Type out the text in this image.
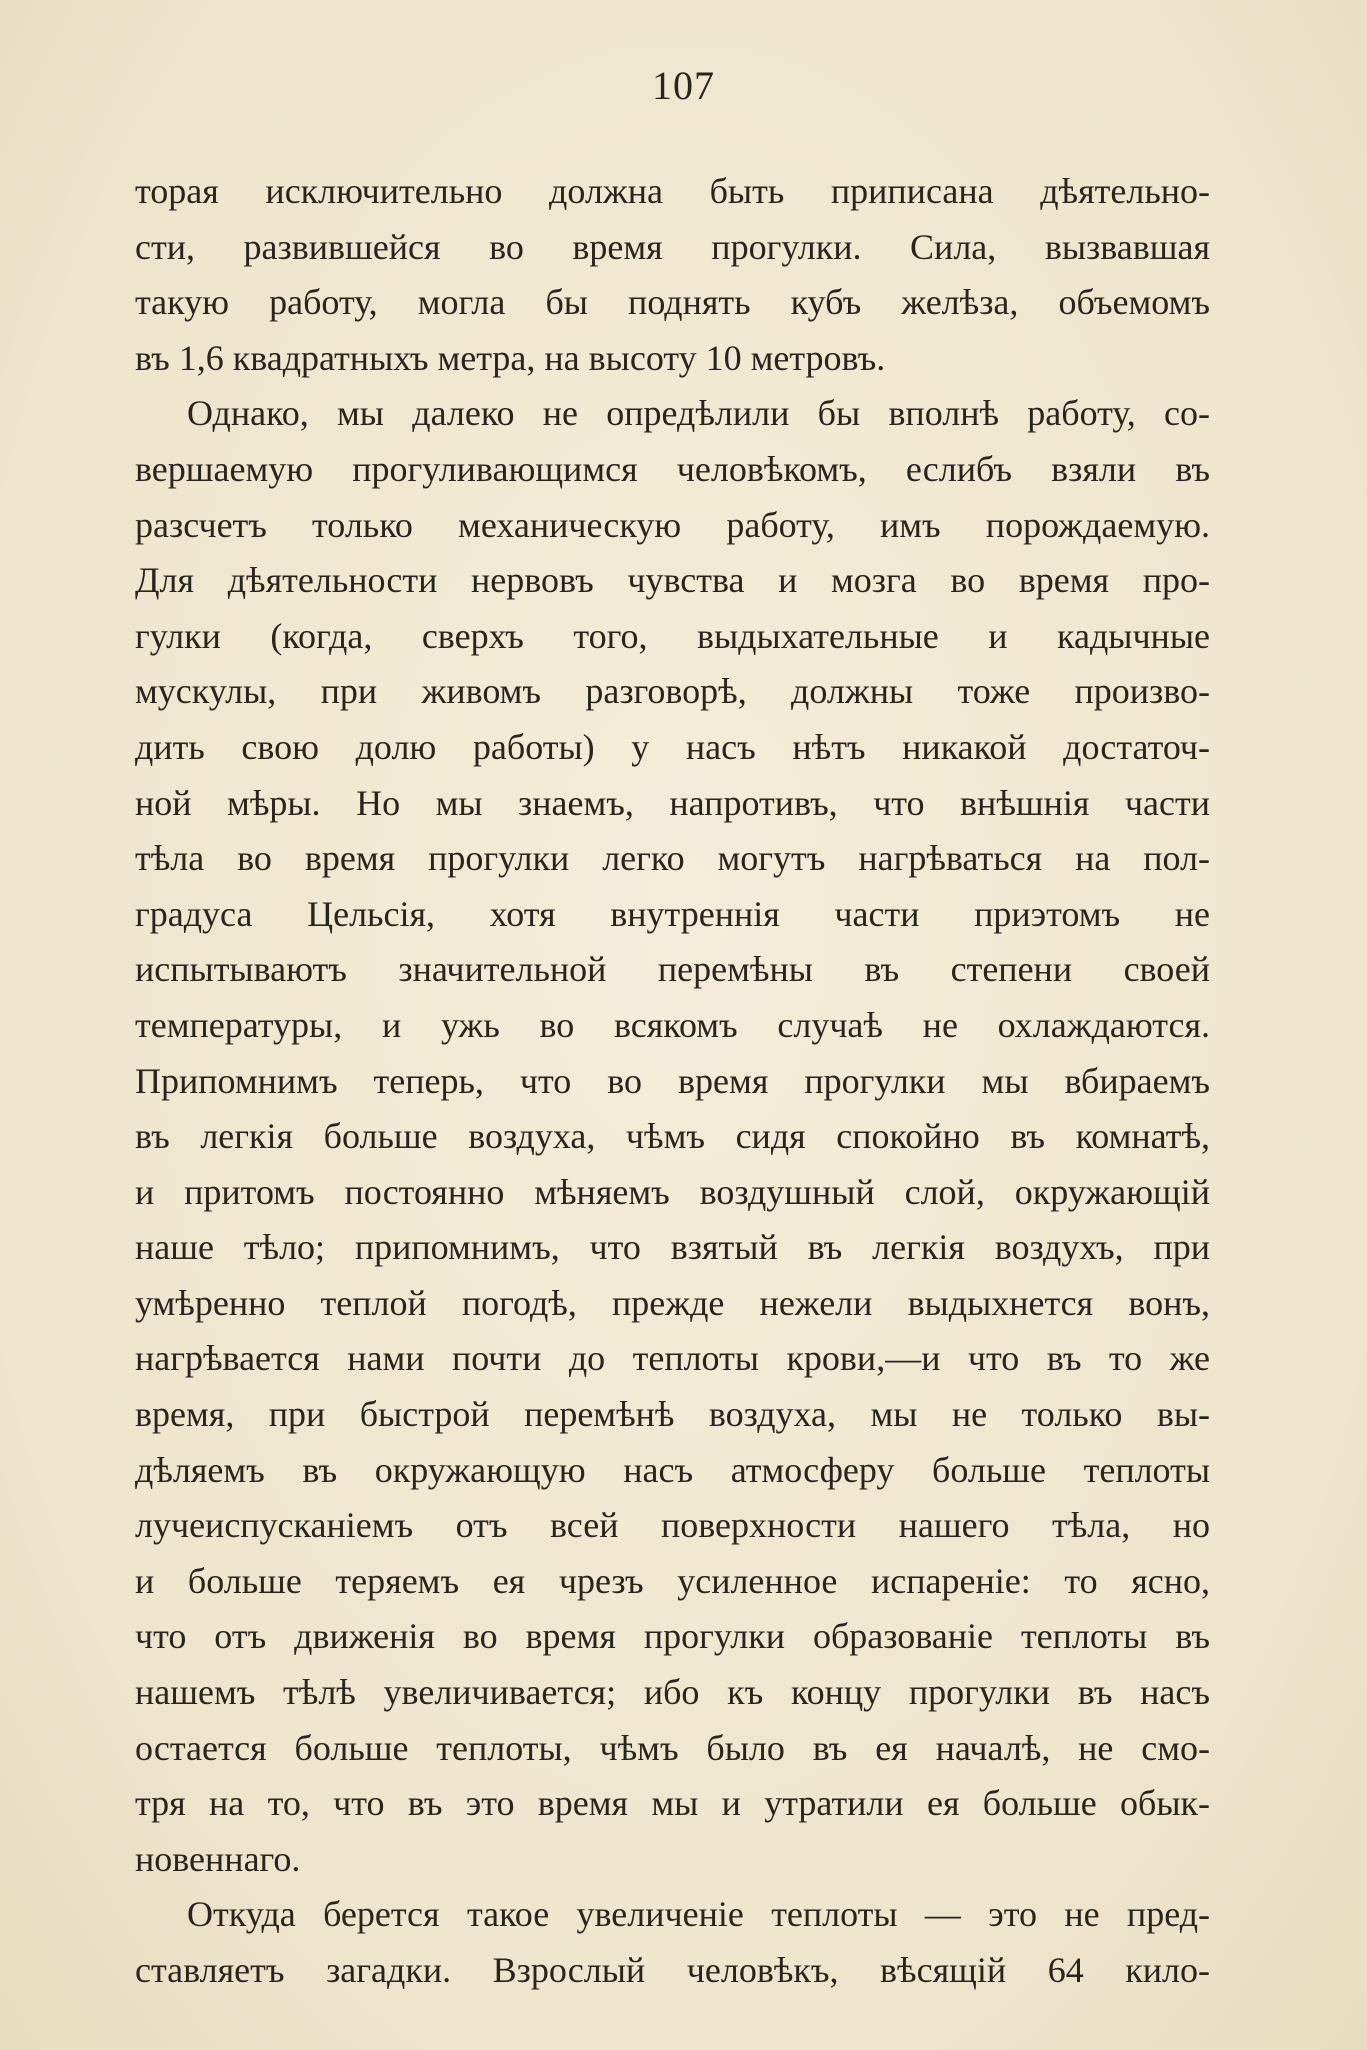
107
торая исключительно должна быть приписана дѣятельно-
сти, развившейся во время прогулки. Сила, вызвавшая
такую работу, могла бы поднять кубъ желѣза, объемомъ
въ 1,6 квадратныхъ метра, на высоту 10 метровъ.
Однако, мы далеко не опредѣлили бы вполнѣ работу, со-
вершаемую прогуливающимся человѣкомъ, еслибъ взяли въ
разсчетъ только механическую работу, имъ порождаемую.
Для дѣятельности нервовъ чувства и мозга во время про-
гулки (когда, сверхъ того, выдыхательные и кадычные
мускулы, при живомъ разговорѣ, должны тоже произво-
дить свою долю работы) у насъ нѣтъ никакой достаточ-
ной мѣры. Но мы знаемъ, напротивъ, что внѣшнія части
тѣла во время прогулки легко могутъ нагрѣваться на пол-
градуса Цельсія, хотя внутреннія части приэтомъ не
испытываютъ значительной перемѣны въ степени своей
температуры, и ужь во всякомъ случаѣ не охлаждаются.
Припомнимъ теперь, что во время прогулки мы вбираемъ
въ легкія больше воздуха, чѣмъ сидя спокойно въ комнатѣ,
и притомъ постоянно мѣняемъ воздушный слой, окружающій
наше тѣло; припомнимъ, что взятый въ легкія воздухъ, при
умѣренно теплой погодѣ, прежде нежели выдыхнется вонъ,
нагрѣвается нами почти до теплоты крови,—и что въ то же
время, при быстрой перемѣнѣ воздуха, мы не только вы-
дѣляемъ въ окружающую насъ атмосферу больше теплоты
лучеиспусканіемъ отъ всей поверхности нашего тѣла, но
и больше теряемъ ея чрезъ усиленное испареніе: то ясно,
что отъ движенія во время прогулки образованіе теплоты въ
нашемъ тѣлѣ увеличивается; ибо къ концу прогулки въ насъ
остается больше теплоты, чѣмъ было въ ея началѣ, не смо-
тря на то, что въ это время мы и утратили ея больше обык-
новеннаго.
Откуда берется такое увеличеніе теплоты — это не пред-
ставляетъ загадки. Взрослый человѣкъ, вѣсящій 64 кило-
